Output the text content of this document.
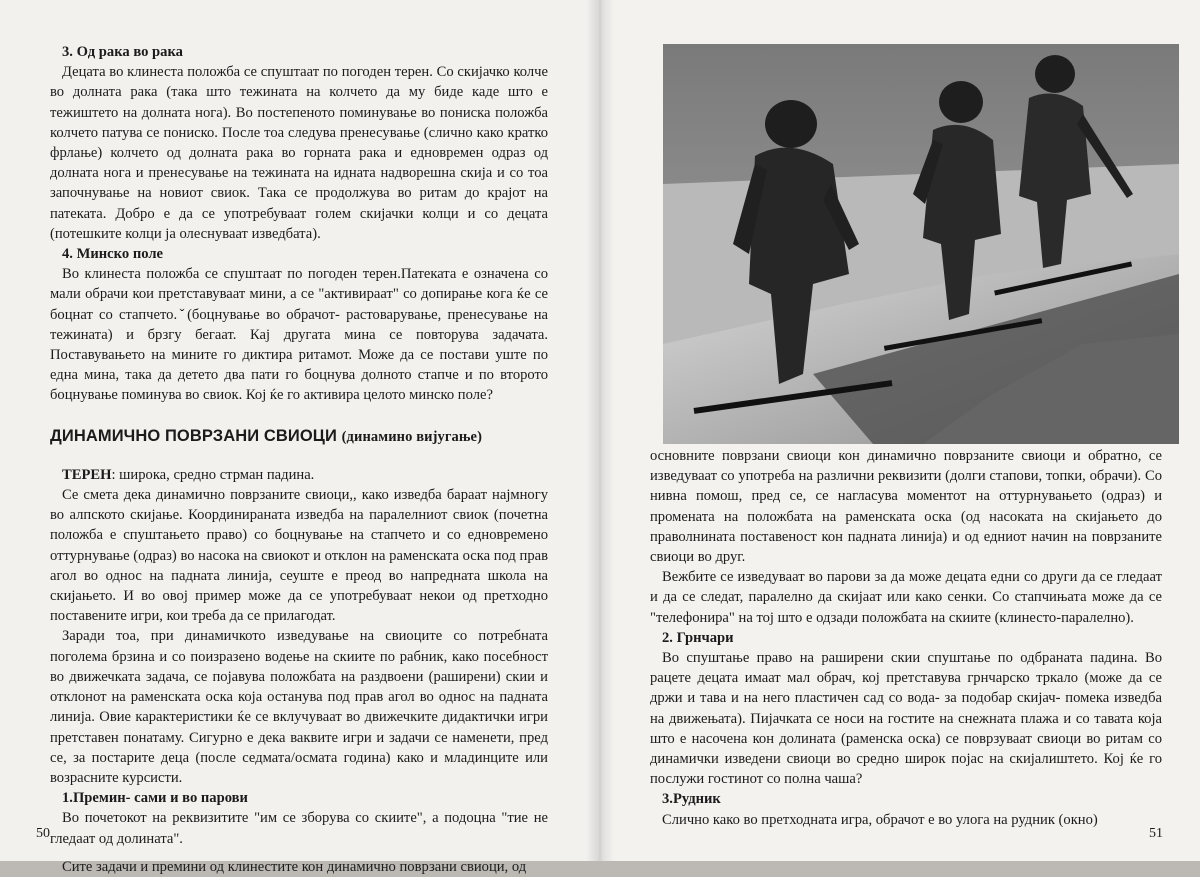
3. Од рака во рака

Децата во клинеста положба се спуштаат по погоден терен. Со скијачко колче во долната рака (така што тежината на колчето да му биде каде што е тежиштето на долната нога). Во постепеното поминување во пониска положба колчето патува се пониско. После тоа следува пренесување (слично како кратко фрлање) колчето од долната рака во горната рака и едновремен одраз од долната нога и пренесување на тежината на идната надворешна скија и со тоа започнување на новиот свиок. Така се продолжува во ритам до крајот на патеката. Добро е да се употребуваат голем скијачки колци и со децата (потешките колци ја олеснуваат изведбата).

4. Минско поле

Во клинеста положба се спуштаат по погоден терен.Патеката е означена со мали обрачи кои претставуваат мини, а се "активираат" со допирање кога ќе се боцнат со стапчето.ˇ(боцнување во обрачот- растоварување, пренесување на тежината) и брзгу бегаат. Кај другата мина се повторува задачата. Поставувањето на мините го диктира ритамот. Може да се постави уште по една мина, така да детето два пати го боцнува долното стапче и по второто боцнување поминува во свиок. Кој ќе го активира целото минско поле?

ДИНАМИЧНО ПОВРЗАНИ СВИОЦИ (динамино вијугање)

ТЕРЕН: широка, средно стрман падина.

Се смета дека динамично поврзаните свиоци,, како изведба бараат најмногу во алпското скијање. Координираната изведба на паралелниот свиок (почетна положба е спуштањето право) со боцнување на стапчето и со едновремено оттурнување (одраз) во насока на свиокот и отклон на раменската оска под прав агол во однос на падната линија, сеуште е преод во напредната школа на скијањето. И во овој пример може да се употребуваат некои од претходно поставените игри, кои треба да се прилагодат.

Заради тоа, при динамичкото изведување на свиоците со потребната поголема брзина и со поизразено водење на скиите по рабник, како посебност во движечката задача, се појавува положбата на раздвоени (раширени) скии и отклонот на раменската оска која останува под прав агол во однос на падната линија. Овие карактеристики ќе се вклучуваат во движечките дидактички игри претставен понатаму. Сигурно е дека ваквите игри и задачи се наменети, пред се, за постарите деца (после седмата/осмата година) како и младинците или возрасните курсисти.

1.Премин- сами и во парови

Во почетокот на реквизитите "им се зборува со скиите", а подоцна "тие не гледаат од долината".

Сите задачи и премини од клинестите кон динамично поврзани свиоци, од

50

основните поврзани свиоци кон динамично поврзаните свиоци и обратно, се изведуваат со употреба на различни реквизити (долги стапови, топки, обрачи). Со нивна помош, пред се, се нагласува моментот на оттурнувањето (одраз) и промената на положбата на раменската оска (од насоката на скијањето до праволнината поставеност кон падната линија) и од едниот начин на поврзаните свиоци во друг.

Вежбите се изведуваат во парови за да може децата едни со други да се гледаат и да се следат, паралелно да скијаат или како сенки. Со стапчињата може да се "телефонира" на тој што е одзади положбата на скиите (клинесто-паралелно).

2. Грнчари

Во спуштање право на раширени скии спуштање по одбраната падина. Во рацете децата имаат мал обрач, кој претставува грнчарско тркало (може да се држи и тава и на него пластичен сад со вода- за подобар скијач- помека изведба на движењата). Пијачката се носи на гостите на снежната плажа и со тавата која што е насочена кон долината (раменска оска) се поврзуваат свиоци во ритам со динамички изведени свиоци во средно широк појас на скијалиштето. Кој ќе го послужи гостинот со полна чаша?

3.Рудник

Слично како во претходната игра, обрачот е во улога на рудник (окно)

51
